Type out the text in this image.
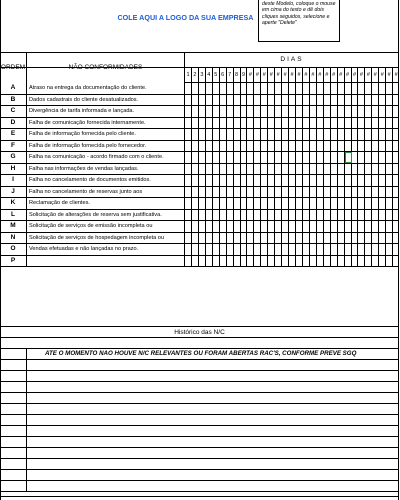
COLE AQUI A LOGO DA SUA EMPRESA
deste Modelo, coloque o mouse em cima do texto e dê dois cliques seguidos, selecione e aperte "Delete"
ORDEM	NÃO CONFORMIDADES
DIAS
1 2 3 4 5 6 7 8 9 # # # # # # # # # # # # # # # # # # # # # #
A	Atraso na entrega da documentação do cliente.
B	Dados cadastrais do cliente desatualizados.
C	Divergência de tarifa informada e lançada.
D	Falha de comunicação fornecida internamente.
E	Falha de informação fornecida pelo cliente.
F	Falha de informação fornecida pelo fornecedor.
G	Falha na comunicação - acordo firmado com o cliente.
H	Falha nas informações de vendas lançadas.
I	Falha no cancelamento de documentos emitidos.
J	Falha no cancelamento de reservas junto aos
K	Reclamação de clientes.
L	Solicitação de alterações de reserva sem justificativa.
M	Solicitação de serviços de emissão incompleta ou
N	Solicitação de serviços de hospedagem incompleta ou
O	Vendas efetuadas e não lançadas no prazo.
P
Histórico das N/C
ATE O MOMENTO NAO HOUVE N/C RELEVANTES OU FORAM ABERTAS RAC'S, CONFORME PREVE SGQ
